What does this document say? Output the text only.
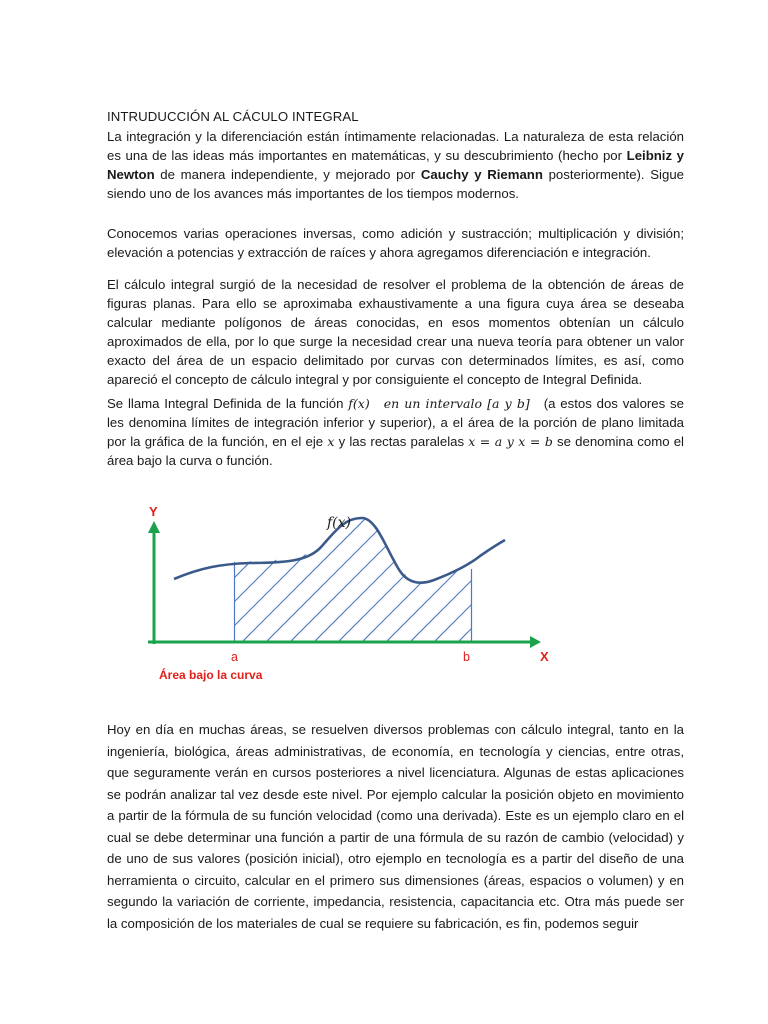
INTRUDUCCIÓN AL CÁCULO INTEGRAL

La integración y la diferenciación están íntimamente relacionadas. La naturaleza de esta relación es una de las ideas más importantes en matemáticas, y su descubrimiento (hecho por Leibniz y Newton de manera independiente, y mejorado por Cauchy y Riemann posteriormente). Sigue siendo uno de los avances más importantes de los tiempos modernos.

Conocemos varias operaciones inversas, como adición y sustracción; multiplicación y división; elevación a potencias y extracción de raíces y ahora agregamos diferenciación e integración.

El cálculo integral surgió de la necesidad de resolver el problema de la obtención de áreas de figuras planas. Para ello se aproximaba exhaustivamente a una figura cuya área se deseaba calcular mediante polígonos de áreas conocidas, en esos momentos obtenían un cálculo aproximados de ella, por lo que surge la necesidad crear una nueva teoría para obtener un valor exacto del área de un espacio delimitado por curvas con determinados límites, es así, como apareció el concepto de cálculo integral y por consiguiente el concepto de Integral Definida.

Se llama Integral Definida de la función f(x) en un intervalo [a y b] (a estos dos valores se les denomina límites de integración inferior y superior), a el área de la porción de plano limitada por la gráfica de la función, en el eje x y las rectas paralelas x = a y x = b se denomina como el área bajo la curva o función.

Hoy en día en muchas áreas, se resuelven diversos problemas con cálculo integral, tanto en la ingeniería, biológica, áreas administrativas, de economía, en tecnología y ciencias, entre otras, que seguramente verán en cursos posteriores a nivel licenciatura. Algunas de estas aplicaciones se podrán analizar tal vez desde este nivel. Por ejemplo calcular la posición objeto en movimiento a partir de la fórmula de su función velocidad (como una derivada). Este es un ejemplo claro en el cual se debe determinar una función a partir de una fórmula de su razón de cambio (velocidad) y de uno de sus valores (posición inicial), otro ejemplo en tecnología es a partir del diseño de una herramienta o circuito, calcular en el primero sus dimensiones (áreas, espacios o volumen) y en segundo la variación de corriente, impedancia, resistencia, capacitancia etc. Otra más puede ser la composición de los materiales de cual se requiere su fabricación, es fin, podemos seguir

Y
X
a	b
f(x)
Área bajo la curva
